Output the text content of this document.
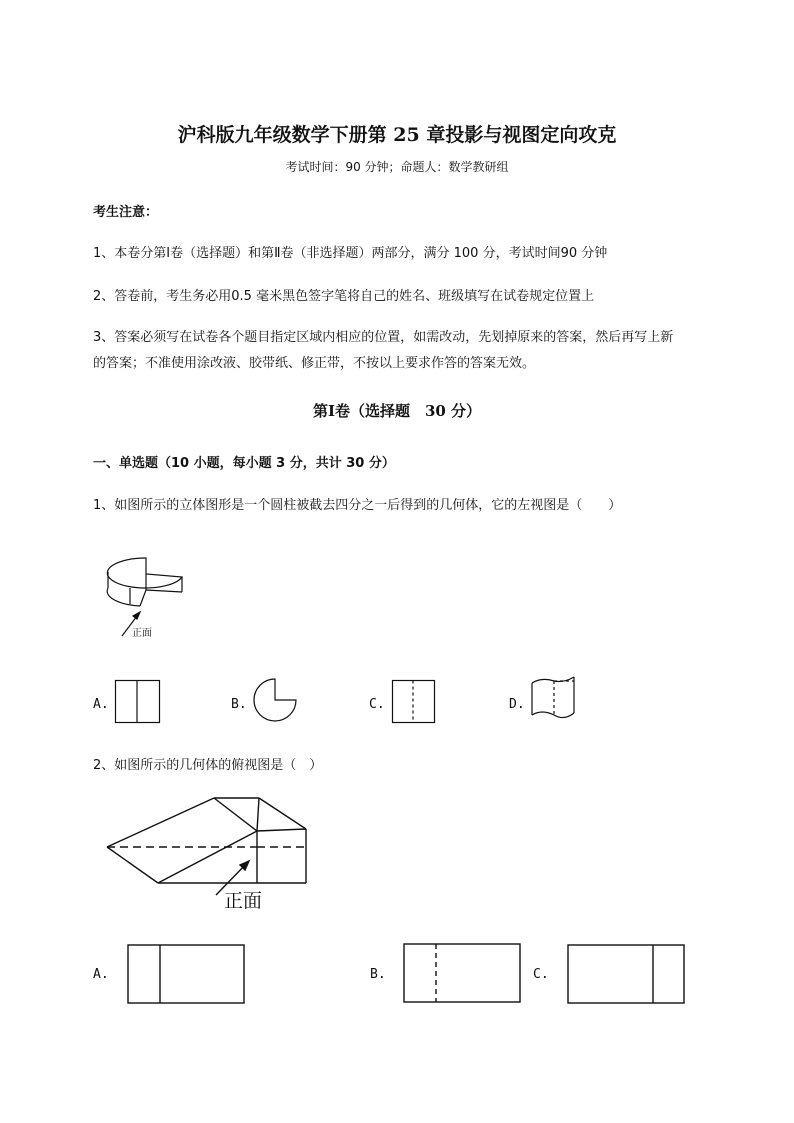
沪科版九年级数学下册第 25 章投影与视图定向攻克
考试时间：90 分钟；命题人：数学教研组
考生注意：
1、本卷分第Ⅰ卷（选择题）和第Ⅱ卷（非选择题）两部分，满分 100 分，考试时间90 分钟
2、答卷前，考生务必用0.5 毫米黑色签字笔将自己的姓名、班级填写在试卷规定位置上
3、答案必须写在试卷各个题目指定区域内相应的位置，如需改动，先划掉原来的答案，然后再写上新
的答案；不准使用涂改液、胶带纸、修正带，不按以上要求作答的答案无效。
第Ⅰ卷（选择题　30 分）
一、单选题（10 小题，每小题 3 分，共计 30 分）
1、如图所示的立体图形是一个圆柱被截去四分之一后得到的几何体，它的左视图是（　　）
正面
A.	B.	C.	D.
2、如图所示的几何体的俯视图是（　）
正面
A.	B.	C.
